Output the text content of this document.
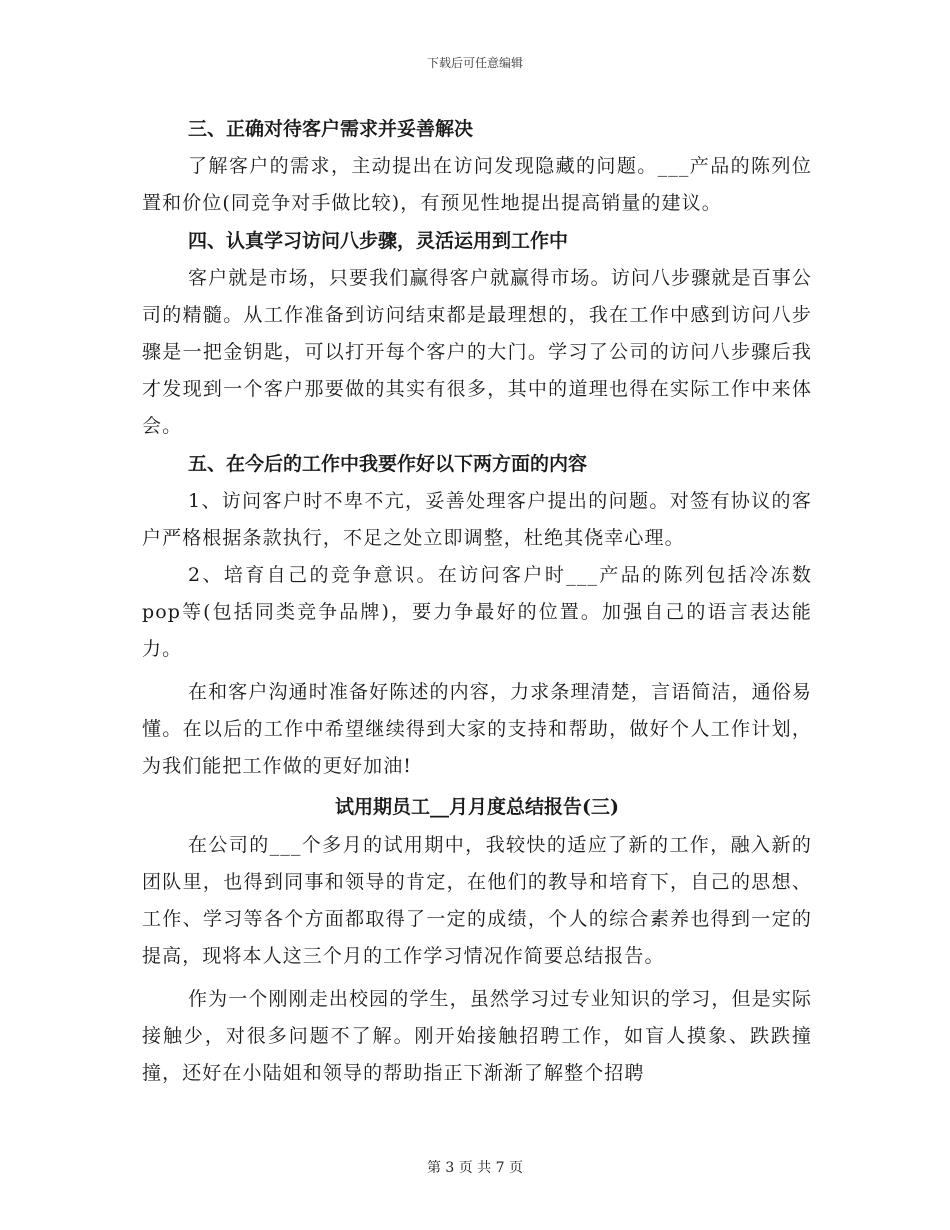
下载后可任意编辑

三、正确对待客户需求并妥善解决

了解客户的需求，主动提出在访问发现隐藏的问题。___产品的陈列位置和价位(同竞争对手做比较)，有预见性地提出提高销量的建议。

四、认真学习访问八步骤，灵活运用到工作中

客户就是市场，只要我们赢得客户就赢得市场。访问八步骤就是百事公司的精髓。从工作准备到访问结束都是最理想的，我在工作中感到访问八步骤是一把金钥匙，可以打开每个客户的大门。学习了公司的访问八步骤后我才发现到一个客户那要做的其实有很多，其中的道理也得在实际工作中来体会。

五、在今后的工作中我要作好以下两方面的内容

1、访问客户时不卑不亢，妥善处理客户提出的问题。对签有协议的客户严格根据条款执行，不足之处立即调整，杜绝其侥幸心理。

2、培育自己的竞争意识。在访问客户时___产品的陈列包括冷冻数pop等(包括同类竞争品牌)，要力争最好的位置。加强自己的语言表达能力。

在和客户沟通时准备好陈述的内容，力求条理清楚，言语简洁，通俗易懂。在以后的工作中希望继续得到大家的支持和帮助，做好个人工作计划，为我们能把工作做的更好加油!

试用期员工__月月度总结报告(三)

在公司的___个多月的试用期中，我较快的适应了新的工作，融入新的团队里，也得到同事和领导的肯定，在他们的教导和培育下，自己的思想、工作、学习等各个方面都取得了一定的成绩，个人的综合素养也得到一定的提高，现将本人这三个月的工作学习情况作简要总结报告。

作为一个刚刚走出校园的学生，虽然学习过专业知识的学习，但是实际接触少，对很多问题不了解。刚开始接触招聘工作，如盲人摸象、跌跌撞撞，还好在小陆姐和领导的帮助指正下渐渐了解整个招聘

第 3 页 共 7 页
